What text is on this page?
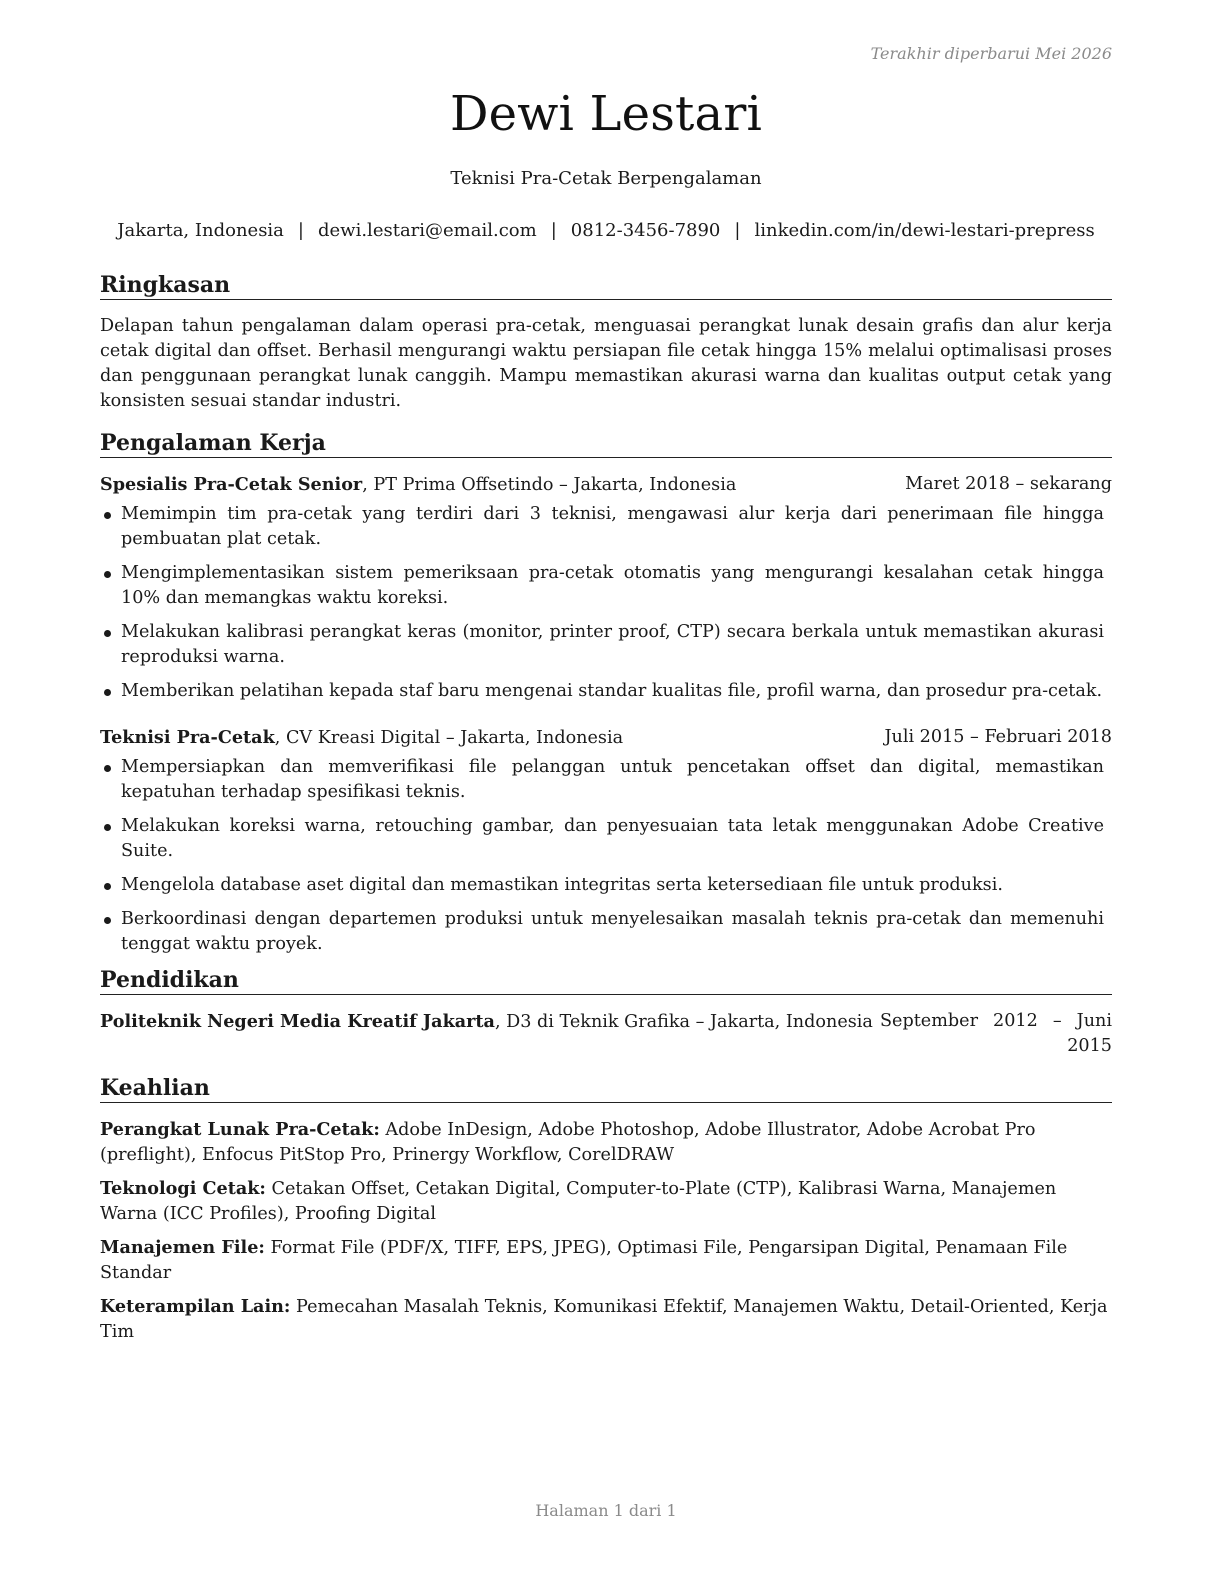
Terakhir diperbarui Mei 2026
Dewi Lestari
Teknisi Pra-Cetak Berpengalaman
Jakarta, Indonesia | dewi.lestari@email.com | 0812-3456-7890 | linkedin.com/in/dewi-lestari-prepress
Ringkasan

Delapan tahun pengalaman dalam operasi pra-cetak, menguasai perangkat lunak desain grafis dan alur kerja cetak digital dan offset. Berhasil mengurangi waktu persiapan file cetak hingga 15% melalui optimalisasi proses dan penggunaan perangkat lunak canggih. Mampu memastikan akurasi warna dan kualitas output cetak yang konsisten sesuai standar industri.

Pengalaman Kerja
Spesialis Pra-Cetak Senior, PT Prima Offsetindo – Jakarta, Indonesia	Maret 2018 – sekarang
Memimpin tim pra-cetak yang terdiri dari 3 teknisi, mengawasi alur kerja dari penerimaan file hingga pembuatan plat cetak.
Mengimplementasikan sistem pemeriksaan pra-cetak otomatis yang mengurangi kesalahan cetak hingga 10% dan memangkas waktu koreksi.
Melakukan kalibrasi perangkat keras (monitor, printer proof, CTP) secara berkala untuk memastikan akurasi reproduksi warna.
Memberikan pelatihan kepada staf baru mengenai standar kualitas file, profil warna, dan prosedur pra-cetak.
Teknisi Pra-Cetak, CV Kreasi Digital – Jakarta, Indonesia	Juli 2015 – Februari 2018
Mempersiapkan dan memverifikasi file pelanggan untuk pencetakan offset dan digital, memastikan kepatuhan terhadap spesifikasi teknis.
Melakukan koreksi warna, retouching gambar, dan penyesuaian tata letak menggunakan Adobe Creative Suite.
Mengelola database aset digital dan memastikan integritas serta ketersediaan file untuk produksi.
Berkoordinasi dengan departemen produksi untuk menyelesaikan masalah teknis pra-cetak dan memenuhi tenggat waktu proyek.
Pendidikan
Politeknik Negeri Media Kreatif Jakarta, D3 di Teknik Grafika – Jakarta, Indonesia September 2012 – Juni 2015
Keahlian

Perangkat Lunak Pra-Cetak: Adobe InDesign, Adobe Photoshop, Adobe Illustrator, Adobe Acrobat Pro (preflight), Enfocus PitStop Pro, Prinergy Workflow, CorelDRAW

Teknologi Cetak: Cetakan Offset, Cetakan Digital, Computer-to-Plate (CTP), Kalibrasi Warna, Manajemen Warna (ICC Profiles), Proofing Digital

Manajemen File: Format File (PDF/X, TIFF, EPS, JPEG), Optimasi File, Pengarsipan Digital, Penamaan File Standar

Keterampilan Lain: Pemecahan Masalah Teknis, Komunikasi Efektif, Manajemen Waktu, Detail-Oriented, Kerja Tim

Halaman 1 dari 1
